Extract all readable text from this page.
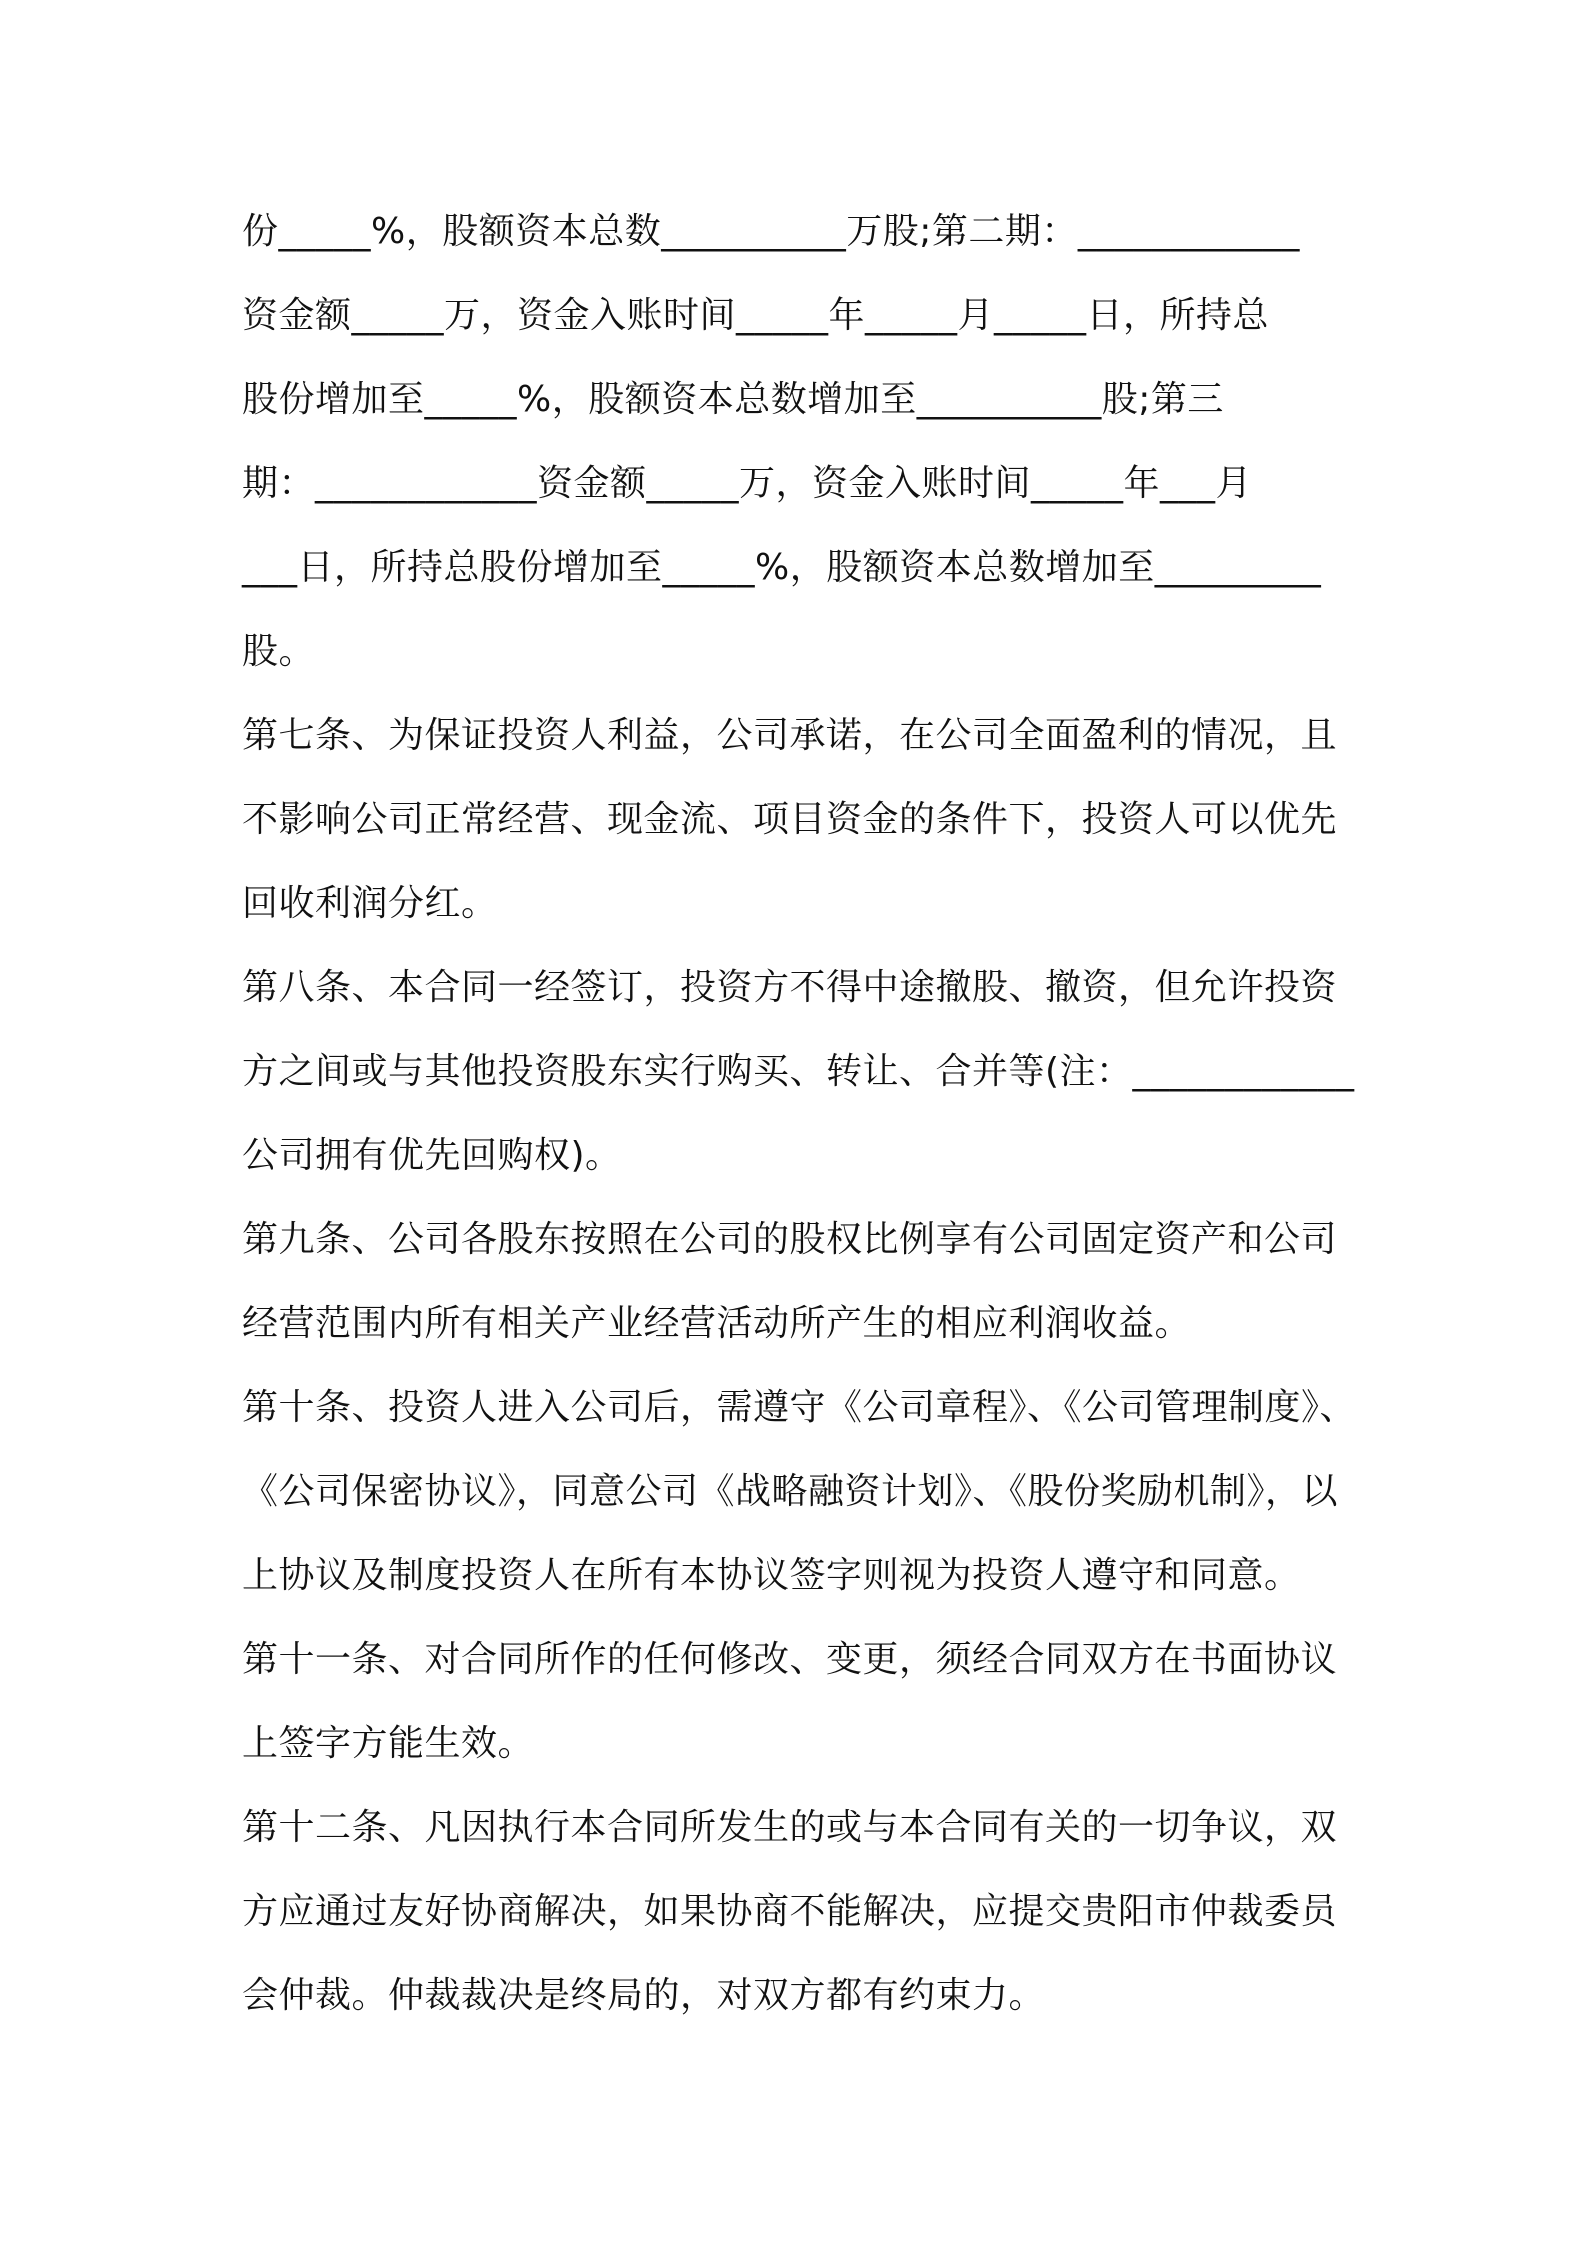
份_____%，股额资本总数__________万股;第二期：____________
资金额_____万，资金入账时间_____年_____月_____日，所持总
股份增加至_____%，股额资本总数增加至__________股;第三
期：____________资金额_____万，资金入账时间_____年___月
___日，所持总股份增加至_____%，股额资本总数增加至_________
股。
第七条、为保证投资人利益，公司承诺，在公司全面盈利的情况，且
不影响公司正常经营、现金流、项目资金的条件下，投资人可以优先
回收利润分红。
第八条、本合同一经签订，投资方不得中途撤股、撤资，但允许投资
方之间或与其他投资股东实行购买、转让、合并等(注：____________
公司拥有优先回购权)。
第九条、公司各股东按照在公司的股权比例享有公司固定资产和公司
经营范围内所有相关产业经营活动所产生的相应利润收益。
第十条、投资人进入公司后，需遵守《公司章程》、《公司管理制度》、
《公司保密协议》，同意公司《战略融资计划》、《股份奖励机制》，以
上协议及制度投资人在所有本协议签字则视为投资人遵守和同意。
第十一条、对合同所作的任何修改、变更，须经合同双方在书面协议
上签字方能生效。
第十二条、凡因执行本合同所发生的或与本合同有关的一切争议，双
方应通过友好协商解决，如果协商不能解决，应提交贵阳市仲裁委员
会仲裁。仲裁裁决是终局的，对双方都有约束力。
